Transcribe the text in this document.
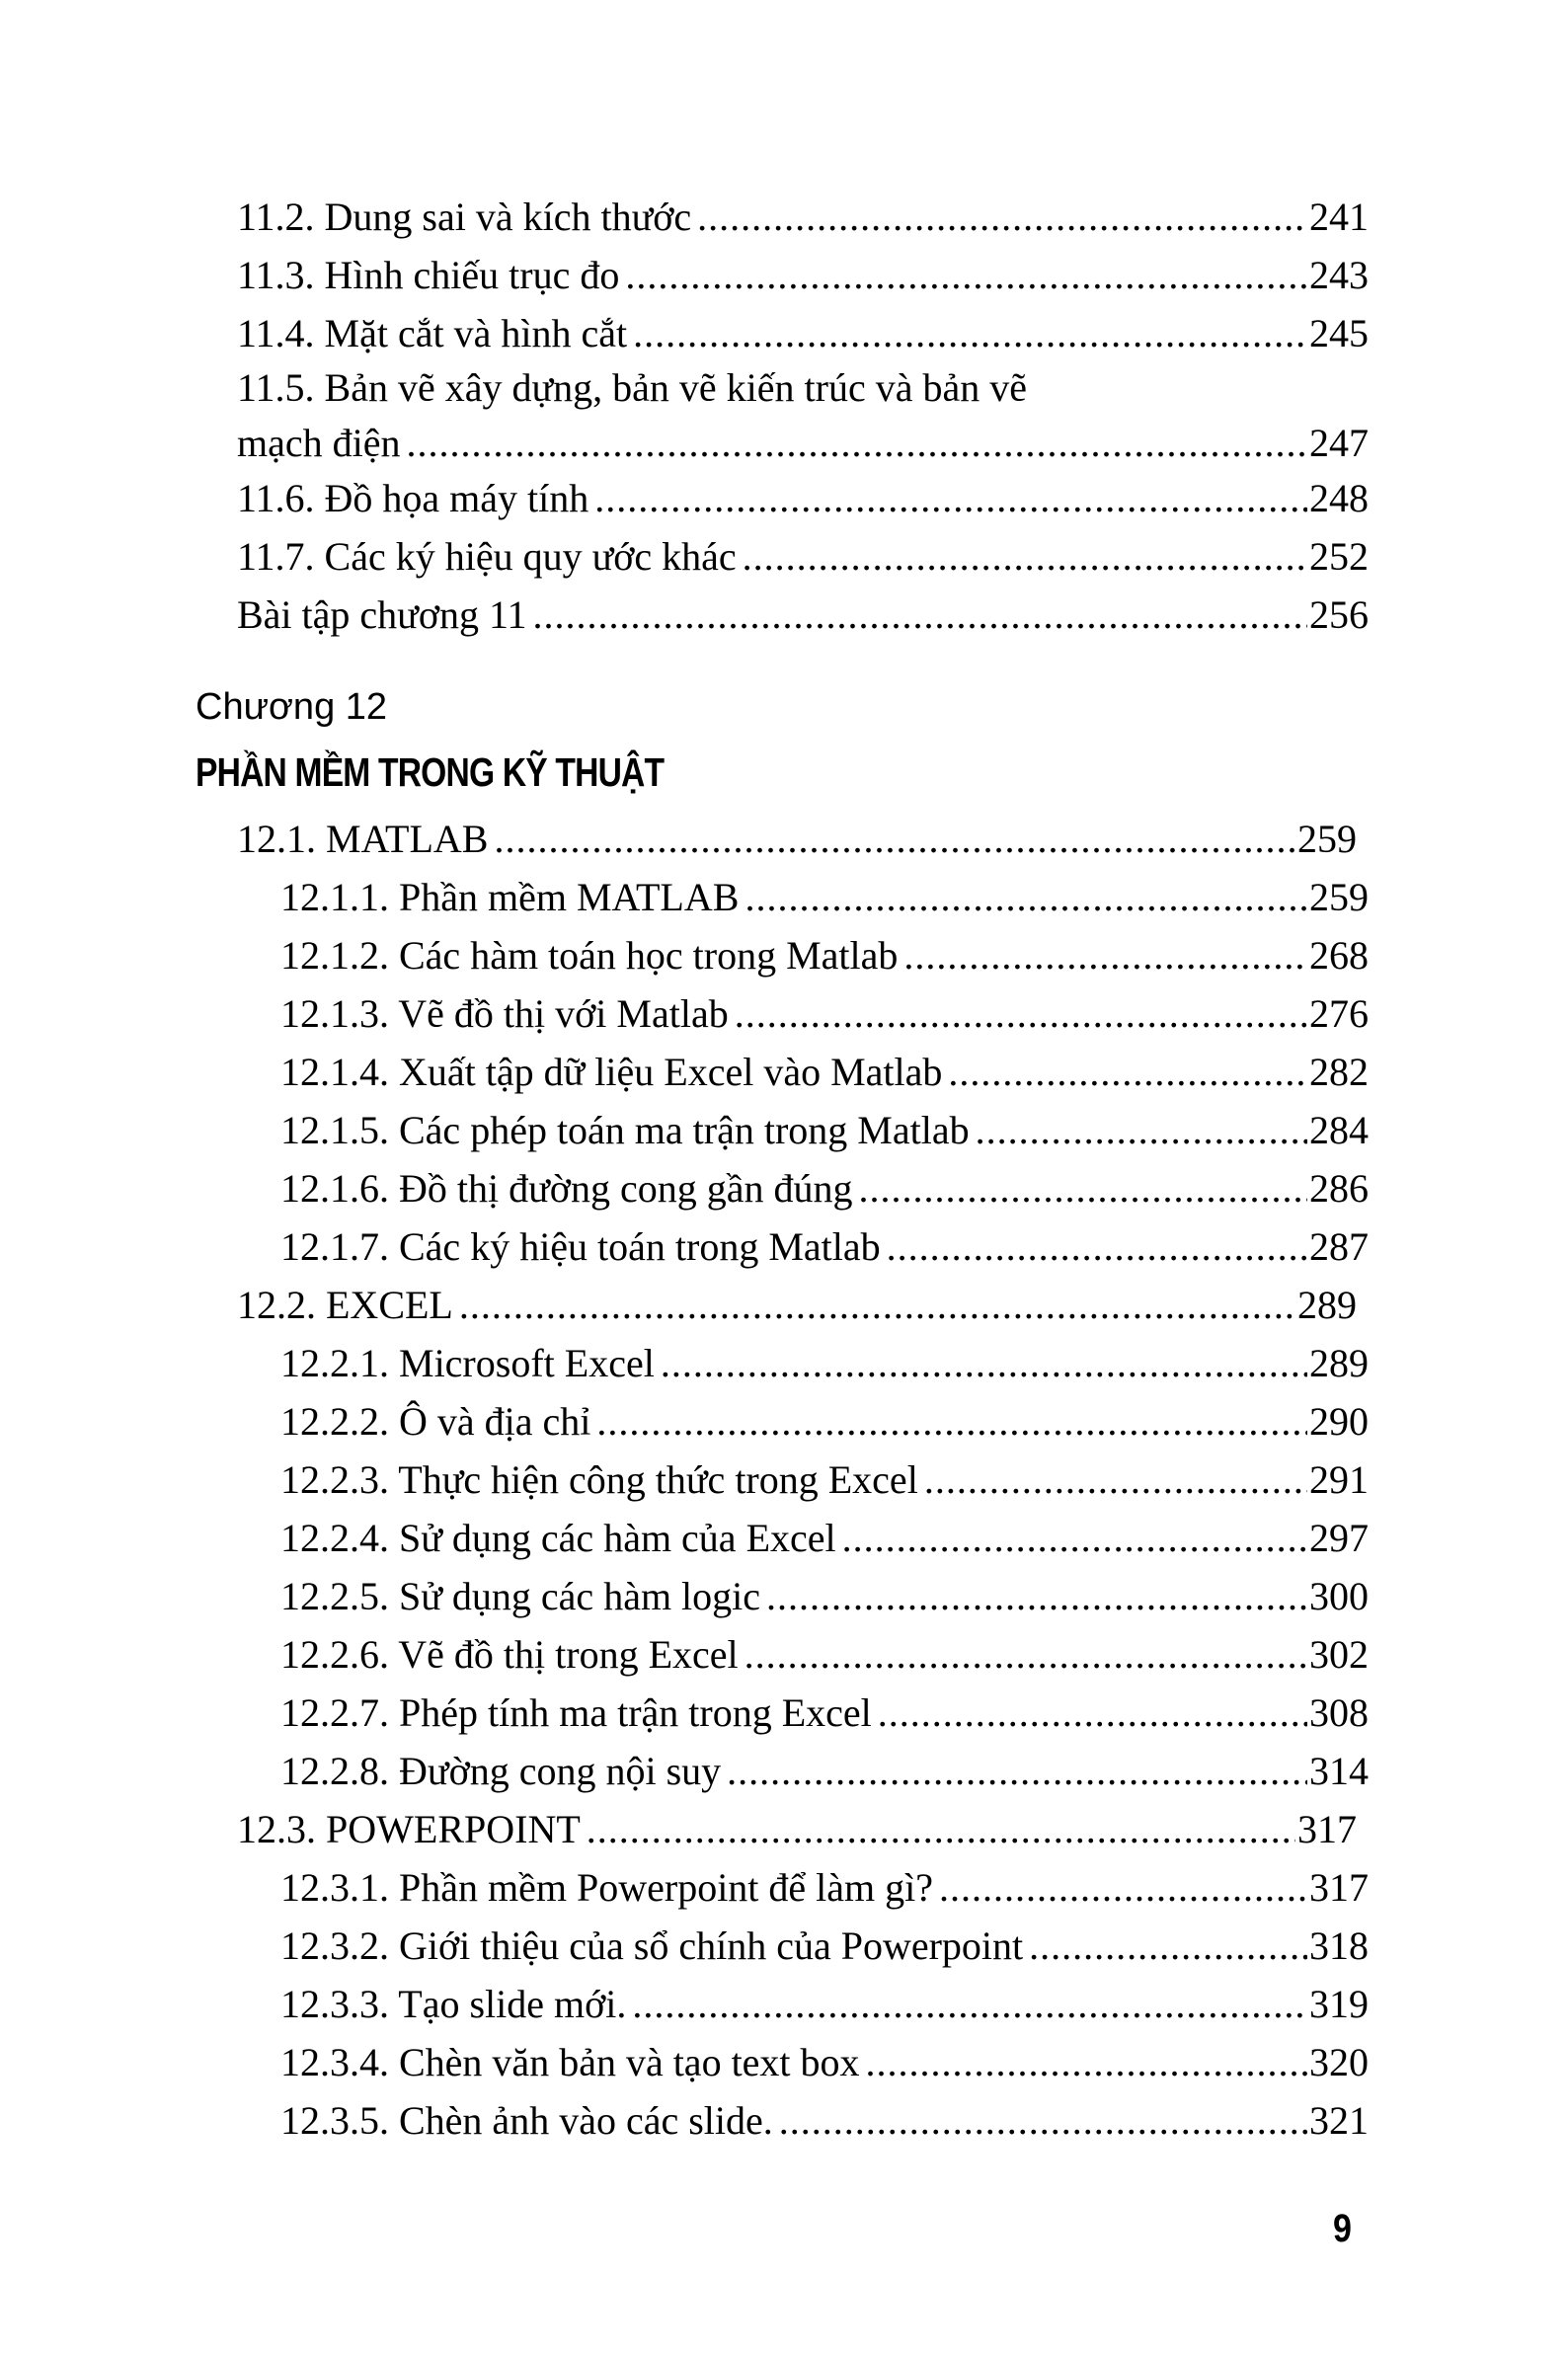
11.2. Dung sai và kích thước .....	241
11.3. Hình chiếu trục đo .....	243
11.4. Mặt cắt và hình cắt .....	245
11.5. Bản vẽ xây dựng, bản vẽ kiến trúc và bản vẽ
mạch điện .....	247
11.6. Đồ họa máy tính .....	248
11.7. Các ký hiệu quy ước khác .....	252
Bài tập chương 11 .....	256
Chương 12
PHẦN MỀM TRONG KỸ THUẬT
12.1. MATLAB .....	259
12.1.1. Phần mềm MATLAB .....	259
12.1.2. Các hàm toán học trong Matlab .....	268
12.1.3. Vẽ đồ thị với Matlab .....	276
12.1.4. Xuất tập dữ liệu Excel vào Matlab .....	282
12.1.5. Các phép toán ma trận trong Matlab .....	284
12.1.6. Đồ thị đường cong gần đúng .....	286
12.1.7. Các ký hiệu toán trong Matlab .....	287
12.2. EXCEL .....	289
12.2.1. Microsoft Excel .....	289
12.2.2. Ô và địa chỉ .....	290
12.2.3. Thực hiện công thức trong Excel .....	291
12.2.4. Sử dụng các hàm của Excel .....	297
12.2.5. Sử dụng các hàm logic .....	300
12.2.6. Vẽ đồ thị trong Excel .....	302
12.2.7. Phép tính ma trận trong Excel .....	308
12.2.8. Đường cong nội suy .....	314
12.3. POWERPOINT .....	317
12.3.1. Phần mềm Powerpoint để làm gì? .....	317
12.3.2. Giới thiệu của sổ chính của Powerpoint .....	318
12.3.3. Tạo slide mới. .....	319
12.3.4. Chèn văn bản và tạo text box .....	320
12.3.5. Chèn ảnh vào các slide. .....	321
9
